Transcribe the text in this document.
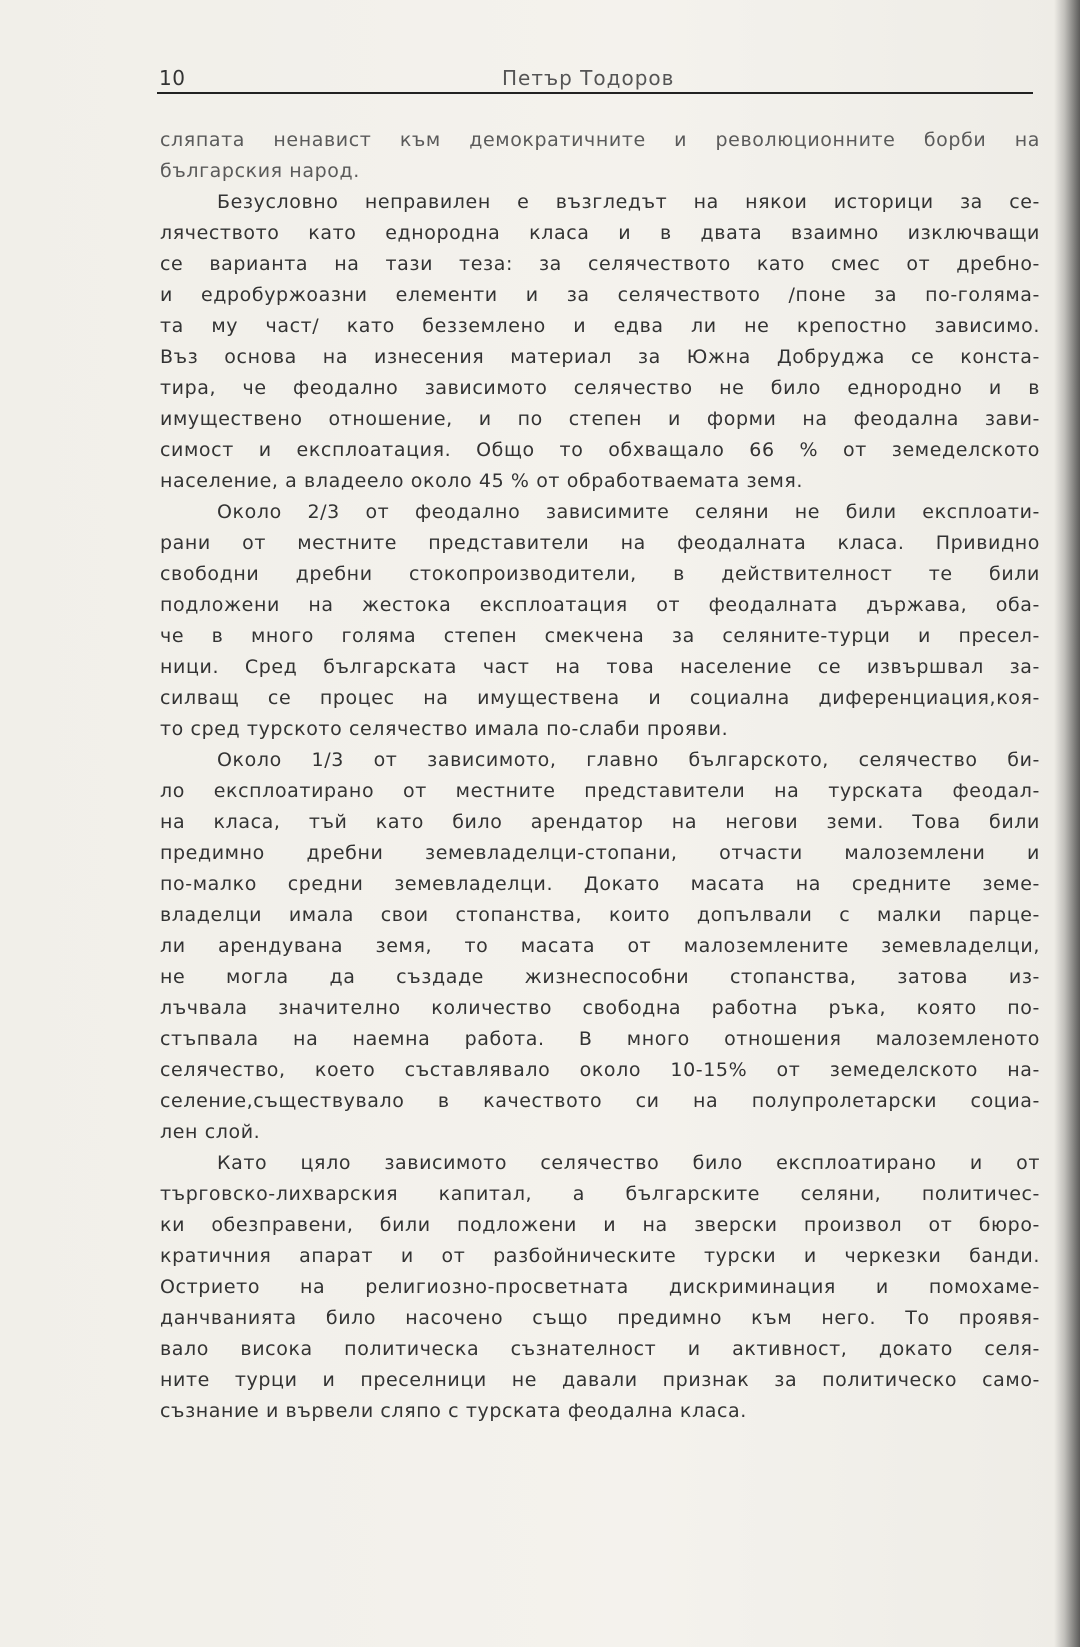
10	Петър Тодоров
сляпата ненавист към демократичните и революционните борби на
българския народ.
Безусловно неправилен е възгледът на някои историци за се-
лячеството като еднородна класа и в двата взаимно изключващи
се варианта на тази теза: за селячеството като смес от дребно-
и едробуржоазни елементи и за селячеството /поне за по-голяма-
та му част/ като безземлено и едва ли не крепостно зависимо.
Въз основа на изнесения материал за Южна Добруджа се конста-
тира, че феодално зависимото селячество не било еднородно и в
имуществено отношение, и по степен и форми на феодална зави-
симост и експлоатация. Общо то обхващало 66 % от земеделското
население, а владеело около 45 % от обработваемата земя.
Около 2/3 от феодално зависимите селяни не били експлоати-
рани от местните представители на феодалната класа. Привидно
свободни дребни стокопроизводители, в действителност те били
подложени на жестока експлоатация от феодалната държава, оба-
че в много голяма степен смекчена за селяните-турци и пресел-
ници. Сред българската част на това население се извършвал за-
силващ се процес на имуществена и социална диференциация,коя-
то сред турското селячество имала по-слаби прояви.
Около 1/3 от зависимото, главно българското, селячество би-
ло експлоатирано от местните представители на турската феодал-
на класа, тъй като било арендатор на негови земи. Това били
предимно дребни земевладелци-стопани, отчасти малоземлени и
по-малко средни земевладелци. Докато масата на средните земе-
владелци имала свои стопанства, които допълвали с малки парце-
ли арендувана земя, то масата от малоземлените земевладелци,
не могла да създаде жизнеспособни стопанства, затова из-
лъчвала значително количество свободна работна ръка, която по-
стъпвала на наемна работа. В много отношения малоземленото
селячество, което съставлявало около 10-15% от земеделското на-
селение,съществувало в качеството си на полупролетарски социа-
лен слой.
Като цяло зависимото селячество било експлоатирано и от
търговско-лихварския капитал, а българските селяни, политичес-
ки обезправени, били подложени и на зверски произвол от бюро-
кратичния апарат и от разбойническите турски и черкезки банди.
Острието на религиозно-просветната дискриминация и помохаме-
данчванията било насочено също предимно към него. То проявя-
вало висока политическа съзнателност и активност, докато селя-
ните турци и преселници не давали признак за политическо само-
съзнание и вървели сляпо с турската феодална класа.
